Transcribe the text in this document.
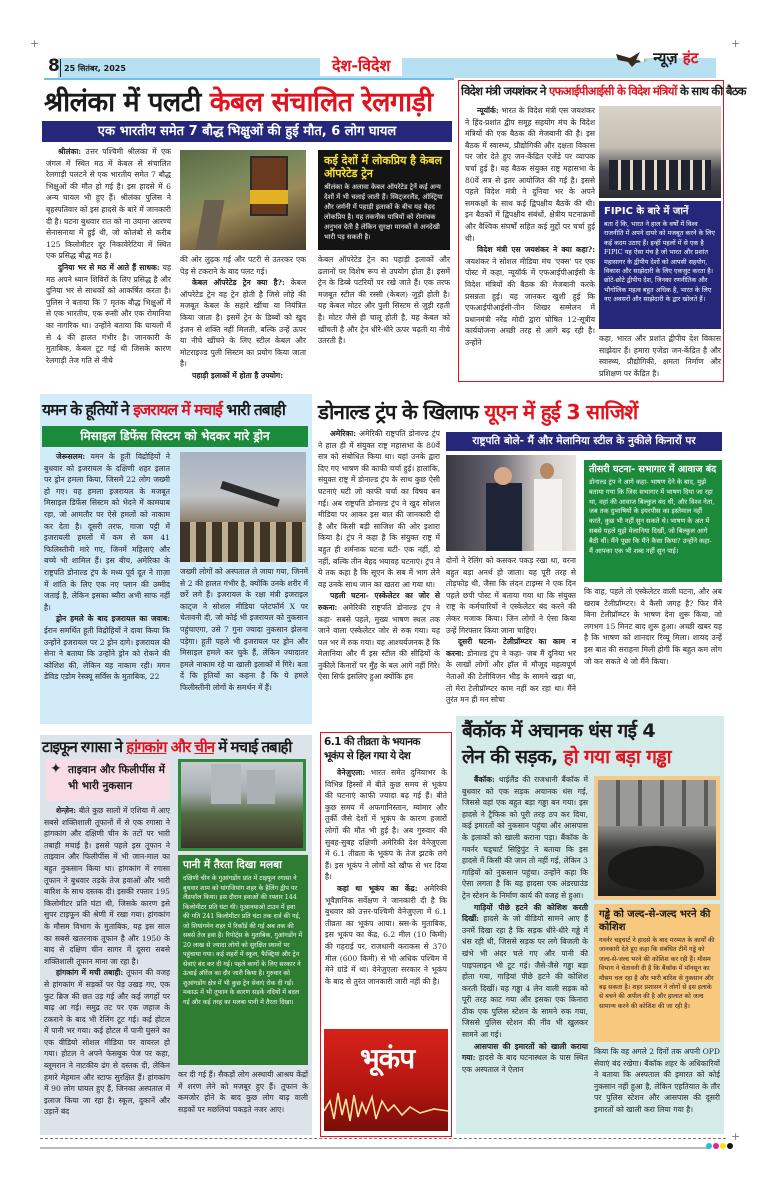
+	+
+
8 25 सितंबर, 2025	देश-विदेश	न्यूज़ हंट
श्रीलंका में पलटी केबल संचालित रेलगाड़ी
एक भारतीय समेत 7 बौद्ध भिक्षुओं की हुई मौत, 6 लोग घायल

श्रीलंका: उत्तर पश्चिमी श्रीलंका में एक जंगल में स्थित मठ में केबल से संचालित रेलगाड़ी पलटने से एक भारतीय समेत 7 बौद्ध भिक्षुओं की मौत हो गई है। इस हादसे में 6 अन्य घायल भी हुए हैं। श्रीलंका पुलिस ने बृहस्पतिवार को इस हादसे के बारे में जानकारी दी है। घटना बुधवार रात को ना उयाना आरण्य सेनासनाया में हुई थी, जो कोलंबो से करीब 125 किलोमीटर दूर निकावेरेटिया में स्थित एक प्रसिद्ध बौद्ध मठ है।

दुनिया भर से मठ में आते हैं साधक: यह मठ अपने ध्यान शिविरों के लिए प्रसिद्ध है और दुनिया भर से साधकों को आकर्षित करता है। पुलिस ने बताया कि 7 मृतक बौद्ध भिक्षुओं में से एक भारतीय, एक रूसी और एक रोमानिया का नागरिक था। उन्होंने बताया कि घायलों में से 4 की हालत गंभीर है। जानकारी के मुताबिक, केबल टूट गई थी जिसके कारण रेलगाड़ी तेज गति से नीचे

की ओर लुढ़क गई और पटरी से उतरकर एक पेड़ से टकराने के बाद पलट गई।

केबल ऑपरेटेड ट्रेन क्या है?: केबल ऑपरेटेड ट्रेन वह ट्रेन होती है जिसे लोहे की मजबूत केबल के सहारे खींचा या नियंत्रित किया जाता है। इसमें ट्रेन के डिब्बों को खुद इंजन से शक्ति नहीं मिलती, बल्कि उन्हें ऊपर या नीचे खींचने के लिए स्टील केबल और मोटराइज्ड पुली सिस्टम का प्रयोग किया जाता है।

पहाड़ी इलाकों में होता है उपयोग:

कई देशों में लोकप्रिय है केबल ऑपरेटेड ट्रेन
श्रीलंका के अलावा केबल ऑपरेटेड ट्रेनें कई अन्य देशों में भी चलाई जाती हैं। स्विट्जरलैंड, ऑस्ट्रिया और जर्मनी में पहाड़ी इलाकों के बीच यह बेहद लोकप्रिय है। यह तकनीक यात्रियों को रोमांचक अनुभव देती है लेकिन सुरक्षा मानकों से अनदेखी भारी पड़ सकती है।
केबल ऑपरेटेड ट्रेन का पहाड़ी इलाकों और ढलानों पर विशेष रूप से उपयोग होता है। इसमें ट्रेन के डिब्बे पटरियों पर रखे जाते हैं। एक तरफ मजबूत स्टील की रस्सी (केबल) जुड़ी होती है। यह केबल मोटर और पुली सिस्टम से जुड़ी रहती है। मोटर जैसे ही चालू होती है, यह केबल को खींचती है और ट्रेन धीरे-धीरे ऊपर चढ़ती या नीचे उतरती है।
विदेश मंत्री जयशंकर ने एफआईपीआईसी के विदेश मंत्रियों के साथ की बैठक

न्यूयॉर्क: भारत के विदेश मंत्री एस जयशंकर ने हिंद-प्रशांत द्वीप समूह सहयोग मंच के विदेश मंत्रियों की एक बैठक की मेजबानी की है। इस बैठक में स्वास्थ्य, प्रौद्योगिकी और दक्षता विकास पर जोर देते हुए जन-केंद्रित एजेंडे पर व्यापक चर्चा हुई है। यह बैठक संयुक्त राष्ट्र महासभा के 80वें सत्र से इतर आयोजित की गई है। इससे पहले विदेश मंत्री ने दुनिया भर के अपने समकक्षों के साथ कई द्विपक्षीय बैठकें की थी। इन बैठकों में द्विपक्षीय संबंधों, क्षेत्रीय घटनाक्रमों और वैश्विक संघर्षों सहित कई मुद्दों पर चर्चा हुई थी।

विदेश मंत्री एस जयशंकर ने क्या कहा?: जयशंकर ने सोशल मीडिया मंच 'एक्स' पर एक पोस्ट में कहा, न्यूयॉर्क में एफआईपीआईसी के विदेश मंत्रियों की बैठक की मेजबानी करके प्रसन्नता हुई। यह जानकर खुशी हुई कि एफआईपीआईसी-तीन शिखर सम्मेलन में प्रधानमंत्री नरेंद्र मोदी द्वारा घोषित 12-सूत्रीय कार्ययोजना अच्छी तरह से आगे बढ़ रही है। उन्होंने

FIPIC के बारे में जानें
बता दें कि, भारत ने हाल के वर्षों में विश्व राजनीति में अपने दायरे को मजबूत करने के लिए कई कदम उठाए हैं। इन्हीं पहलों में से एक है FIPIC यह ऐसा मंच है जो भारत और प्रशांत महासागर के द्वीपीय देशों को आपसी सहयोग, विकास और साझेदारी के लिए एकजुट करता है। छोटे-छोटे द्वीपीय देश, जिनका रणनीतिक और भौगोलिक महत्व बहुत अधिक है, भारत के लिए नए अवसरों और साझेदारी के द्वार खोलते हैं।
कहा, भारत और प्रशांत द्वीपीय देश विकास साझेदार हैं। हमारा एजेंडा जन-केंद्रित है और स्वास्थ्य, प्रौद्योगिकी, क्षमता निर्माण और प्रशिक्षण पर केंद्रित है।
यमन के हूतियों ने इजरायल में मचाई भारी तबाही
मिसाइल डिफेंस सिस्टम को भेदकर मारे ड्रोन

जेरूसलम: यमन के हूती विद्रोहियों ने बुधवार को इजरायल के दक्षिणी शहर इलात पर ड्रोन हमला किया, जिसमें 22 लोग जख्मी हो गए। यह हमला इजरायल के मजबूत मिसाइल डिफेंस सिस्टम को भेदने में कामयाब रहा, जो आमतौर पर ऐसे हमलों को नाकाम कर देता है। दूसरी तरफ, गाजा पट्टी में इजरायली हमलों में कम से कम 41 फिलिस्तीनी मारे गए, जिनमें महिलाएं और बच्चे भी शामिल हैं। इस बीच, अमेरिका के राष्ट्रपति डोनाल्ड ट्रंप के मध्य पूर्व दूत ने ग़ाज़ा में शांति के लिए एक नए प्लान की उम्मीद जताई है, लेकिन इसका ब्यौरा अभी साफ नहीं है।

ड्रोन हमले के बाद इजरायल का जवाब: ईरान समर्थित हूती विद्रोहियों ने दावा किया कि उन्होंने इजरायल पर 2 ड्रोन दागे। इजरायल की सेना ने बताया कि उन्होंने ड्रोन को रोकने की कोशिश की, लेकिन यह नाकाम रही। मगन डेविड एडोम रेस्क्यू सर्विस के मुताबिक, 22

जख्मी लोगों को अस्पताल ले जाया गया, जिनमें से 2 की हालत गंभीर है, क्योंकि उनके शरीर में छर्रे लगे हैं। इजरायल के रक्षा मंत्री इजराइल काट्ज ने सोशल मीडिया प्लेटफॉर्म X पर चेतावनी दी, जो कोई भी इजरायल को नुकसान पहुंचाएगा, उसे 7 गुना ज्यादा नुकसान झेलना पड़ेगा। हूती पहले भी इजरायल पर ड्रोन और मिसाइल हमले कर चुके हैं, लेकिन ज्यादातर हमले नाकाम रहे या खाली इलाकों में गिरे। बता दें कि हूतियों का कहना है कि ये हमले फिलीस्तीनी लोगों के समर्थन में हैं।
डोनाल्ड ट्रंप के खिलाफ यूएन में हुई 3 साजिशें

अमेरिका: अमेरिकी राष्ट्रपति डोनाल्ड ट्रंप ने हाल ही में संयुक्त राष्ट्र महासभा के 80वें सत्र को संबोधित किया था। यहां उनके द्वारा दिए गए भाषण की काफी चर्चा हुई। हालांकि, संयुक्त राष्ट्र में डोनाल्ड ट्रंप के साथ कुछ ऐसी घटनाएं घटी जो काफी चर्चा का विषय बन गईं। अब राष्ट्रपति डोनाल्ड ट्रंप ने खुद सोशल मीडिया पर आकर इस बात की जानकारी दी है और किसी बड़ी साजिश की ओर इशारा किया है। ट्रंप ने कहा है कि संयुक्त राष्ट्र में बहुत ही शर्मनाक घटना घटी- एक नहीं, दो नहीं, बल्कि तीन बेहद भयावह घटनाएं। ट्रंप ने ये तक कहा है कि सूएन के सब में भाग लेने वह उनके साथ जान का खतरा आ गया था।

पहली घटना- एस्केलेटर का जोर से रुकना: अमेरिकी राष्ट्रपति डोनाल्ड ट्रंप ने कहा- सबसे पहले, मुख्य भाषण स्थल तक जाने वाला एस्केलेटर जोर से रुक गया। यह पल भर में रुक गया। यह आश्चर्यजनक है कि मेलानिया और मैं इस स्टील की सीढ़ियों के नुकीले किनारों पर मुँह के बल आगे नहीं गिरे। ऐसा सिर्फ इसलिए हुआ क्योंकि हम

राष्ट्रपति बोले- मैं और मेलानिया स्टील के नुकीले किनारों पर

दोनों ने रेलिंग को कसकर पकड़ रखा था, वरना बहुत बड़ा अनर्थ हो जाता। यह पूरी तरह से तोड़फोड़ थी, जैसा कि लंदन टाइम्स ने एक दिन पहले छपी पोस्ट में बताया गया था कि संयुक्त राष्ट्र के कर्मचारियों ने एस्केलेटर बंद करने की लेकर मजाक किया। जिन लोगों ने ऐसा किया उन्हें गिरफ्तार किया जाना चाहिए।

दूसरी घटना- टेलीप्रॉम्प्टर का काम न करना: डोनाल्ड ट्रंप ने कहा- जब मैं दुनिया भर के लाखों लोगों और हॉल में मौजूद महत्वपूर्ण नेताओं की टेलीविजन भीड़ के सामने खड़ा था, तो मेरा टेलीप्रॉम्प्टर काम नहीं कर रहा था। मैंने तुरंत मन ही मन सोचा

तीसरी घटना- सभागार में आवाज बंद
डोनाल्ड ट्रंप ने आगे कहा- भाषण देने के बाद, मुझे बताया गया कि जिस सभागार में भाषण दिया जा रहा था, वहां की आवाज बिल्कुल बंद थी, और विश्व नेता, जब तक दुभाषियों के इयरपीस का इस्तेमाल नहीं करते, कुछ भी नहीं सुन सकते थे। भाषण के अंत में सबसे पहले मुझे मेलानिया दिखीं, जो बिल्कुल आगे बैठी थीं। मैंने पूछा कि मैंने कैसा किया? उन्होंने कहा- मैं आपका एक भी शब्द नहीं सुन पाई।
कि वाह, पहले तो एस्केलेटर वाली घटना, और अब खराब टेलीप्रॉम्प्टर। ये कैसी जगह है? फिर मैंने बिना टेलीप्रॉम्प्टर के भाषण देना शुरू किया, जो लगभग 15 मिनट बाद शुरू हुआ। अच्छी खबर यह है कि भाषण को शानदार रिव्यू मिला। शायद उन्हें इस बात की सराहना मिली होगी कि बहुत कम लोग जो कर सकते थे जो मैंने किया।
टाइफून रगासा ने हांगकांग और चीन में मचाई तबाही
✦ ताइवान और फिलीपींस में भी भारी नुकसान

शेन्ज़ेन: बीते कुछ सालों में एशिया में आए सबसे शक्तिशाली तूफानों में से एक रगासा ने हांगकांग और दक्षिणी चीन के तटों पर भारी तबाही मचाई है। इससे पहले इस तूफान ने ताइवान और फिलीपींस में भी जान-माल का बहुत नुकसान किया था। हांगकांग में रगासा तूफान ने बुधवार तड़के तेज हवाओं और भारी बारिश के साथ दस्तक दी। इसकी रफ्तार 195 किलोमीटर प्रति घंटा थी, जिसके कारण इसे सुपर टाइफून की श्रेणी में रखा गया। हांगकांग के मौसम विभाग के मुताबिक, यह इस साल का सबसे खतरनाक तूफान है और 1950 के बाद से दक्षिण चीन सागर में दूसरा सबसे शक्तिशाली तूफान माना जा रहा है।

हांगकांग में मची तबाही: तूफान की वजह से हांगकांग में सड़कों पर पेड़ उखड़ गए, एक फुट ब्रिज की छत उड़ गई और कई जगहों पर बाढ़ आ गई। समुद्र तट पर एक जहाज के टकराने के बाद भी रेलिंग टूट गई। कई होटल में पानी भर गया। कई होटल में पानी घुसने का एक वीडियो सोशल मीडिया पर वायरल हो गया। होटल ने अपने फेसबुक पेज पर कहा, ब्लूमरान ने नाटकीय ढंग से दस्तक दी, लेकिन हमारे मेहमान और स्टाफ सुरक्षित हैं। हांगकांग में 90 लोग घायल हुए हैं, जिनका अस्पताल में इलाज किया जा रहा है। स्कूल, दुकानें और उड़ानें बंद

पानी में तैरता दिखा मलबा
दक्षिणी चीन के गुआंगडोंग प्रांत में टाइफून रगासा ने बुधवार शाम को यांगजियांग शहर के हैलिंग द्वीप पर लैंडफॉल किया। इस दौरान हवाओं की रफ्तार 144 किलोमीटर प्रति घंटा थी। गुआनयाओ टाउन में हवा की गति 241 किलोमीटर प्रति घंटा तक दर्ज की गई, जो शियांगमेन शहर में रिकॉर्ड की गई अब तक की सबसे तेज हवा है। रिपोर्ट्स के मुताबिक, गुआंगडोंग में 20 लाख से ज्यादा लोगों को सुरक्षित स्थानों पर पहुंचाया गया। कई शहरों में स्कूल, फैक्ट्रियां और ट्रेन सेवाएं बंद कर दी गई। पहले कार्गो के लिए सरकार ने ऊंचाई ऑरेंज का दौर जारी किया है। गुरुवार को शुआंगडोंग क्षेत्र में भी कुछ ट्रेन सेवाएं रोक दी गईं। मकाऊ में भी तूफान के कारण सड़कें नदियों में बदल गई और कई तरह का मलबा पानी में तैरता दिखा।
कर दी गई हैं। सैकड़ों लोग अस्थायी आश्रय केंद्रों में शरण लेने को मजबूर हुए हैं। तूफान के कमजोर होने के बाद कुछ लोग बाढ़ वाली सड़कों पर मछलियां पकड़ते नजर आए।
6.1 की तीव्रता के भयानक
भूकंप से हिल गया ये देश

वेनेज़ुएला: भारत समेत दुनियाभर के विभिन्न हिस्सों में बीते कुछ समय से भूकंप की घटनाएं काफी ज्यादा बढ़ गई हैं। बीते कुछ समय में अफगानिस्तान, म्यांमार और तुर्की जैसे देशों में भूकंप के कारण हजारों लोगों की मौत भी हुई है। अब गुरुवार की सुबह-सुबह दक्षिणी अमेरिकी देश वेनेजुएला में 6.1 तीव्रता के भूकंप के तेज झटके लगे हैं। इस भूकंप ने लोगों को खौफ से भर दिया है।

कहां था भूकंप का केंद्र: अमेरिकी भूवैज्ञानिक सर्वेक्षण ने जानकारी दी है कि बुधवार को उत्तर-पश्चिमी वेनेजुएला में 6.1 तीव्रता का भूकंप आया। स्रस-के मुताबिक, इस भूकंप का केंद्र, 6.2 मील (10 किमी) की गहराई पर, राजधानी कराकस से 370 मील (600 किमी) से भी अधिक पश्चिम में मेने ग्रांडे में था। वेनेजुएला सरकार ने भूकंप के बाद से तुरंत जानकारी जारी नहीं की है।

भूकंप
बैंकॉक में अचानक धंस गई 4
लेन की सड़क, हो गया बड़ा गड्ढा

बैंकॉक: थाईलैंड की राजधानी बैंकॉक में बुधवार को एक सड़क अचानक धंस गई, जिससे वहां एक बहुत बड़ा गड्ढा बन गया। इस हादसे ने ट्रैफिक को पूरी तरह ठप कर दिया, कई इमारतों को नुकसान पहुंचा और आसपास के इलाकों को खाली कराना पड़ा। बैंकॉक के गवर्नर चड्चार्ट सिट्टिपुंट ने बताया कि इस हादसे में किसी की जान तो नहीं गई, लेकिन 3 गाड़ियों को नुकसान पहुंचा। उन्होंने कहा कि ऐसा लगता है कि यह हादसा एक अंडरग्राउंड ट्रेन स्टेशन के निर्माण कार्य की वजह से हुआ।

गाड़ियों पीछे हटने की कोशिश करती दिखीं: हादसे के जो वीडियो सामने आए हैं उनमें दिखा रहा है कि सड़क धीरे-धीरे गड्ढे में धंस रही थी, जिससे सड़क पर लगे बिजली के खंभे भी अंदर चले गए और पानी की पाइपलाइन भी टूट गई। जैसे-जैसे गड्ढा बड़ा होता गया, गाड़ियां पीछे हटने की कोशिश करती दिखीं। यह गड्ढा 4 लेन वाली सड़क को पूरी तरह काट गया और इसका एक किनारा ठीक एक पुलिस स्टेशन के सामने रुक गया, जिससे पुलिस स्टेशन की नींव भी खुलकर सामने आ गई।

आसपास की इमारतों को खाली कराया गया: हादसे के बाद घटनास्थल के पास स्थित एक अस्पताल ने ऐलान

गड्ढे को जल्द-से-जल्द भरने की कोशिश
गवर्नर चड्चार्ट ने हादसे के बाद मरम्मत के कार्यों की जानकारी देते हुए कहा कि संबंधित टीमें गड्ढे को जल्द-से-जल्द भरने की कोशिश कर रही हैं। मौसम विभाग ने चेतावनी दी है कि बैंकॉक में मॉनसून का मौसम चल रहा है और भारी बारिश से नुकसान और बढ़ सकता है। शहर प्रशासन ने लोगों से इस इलाके से बचने की अपील की है और हालात को जल्द सामान्य करने की कोशिश की जा रही है।
किया कि वह अगले 2 दिनों तक अपनी OPD सेवाएं बंद रखेगा। बैंकॉक शहर के अधिकारियों ने बताया कि अस्पताल की इमारत को कोई नुकसान नहीं हुआ है, लेकिन एहतियात के तौर पर पुलिस स्टेशन और आसपास की दूसरी इमारतों को खाली करा लिया गया है।
